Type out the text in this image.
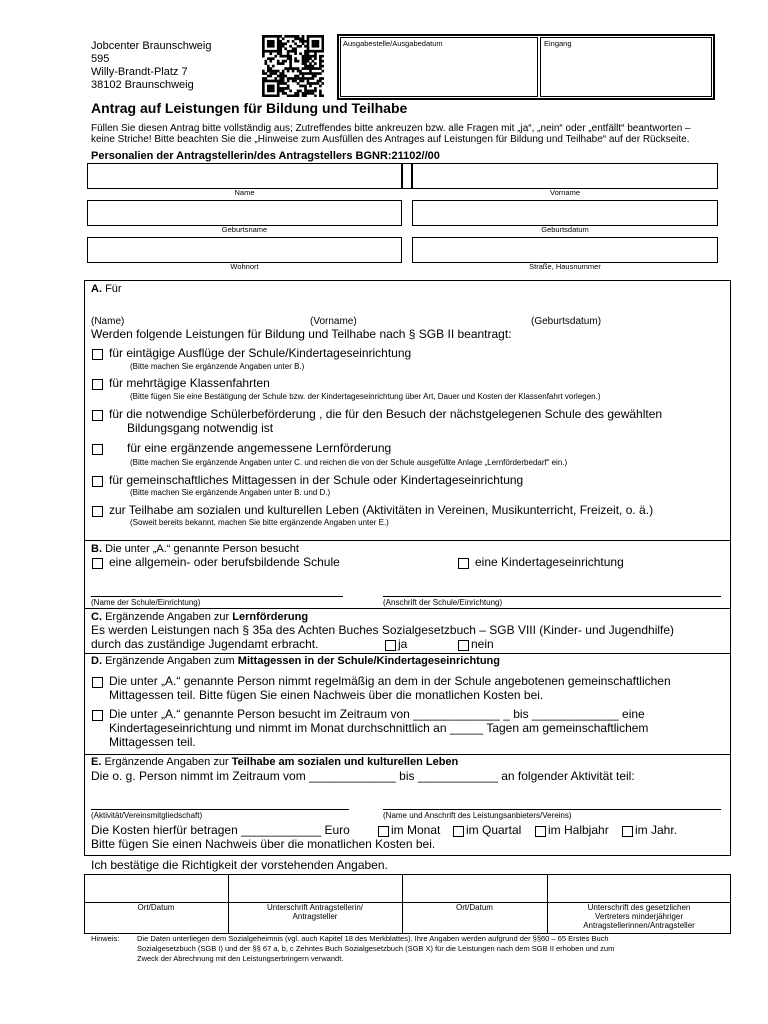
Jobcenter Braunschweig
595
Willy-Brandt-Platz 7
38102 Braunschweig
Ausgabestelle/Ausgabedatum	Eingang
Antrag auf Leistungen für Bildung und Teilhabe
Füllen Sie diesen Antrag bitte vollständig aus; Zutreffendes bitte ankreuzen bzw. alle Fragen mit „ja“, „nein“ oder „entfällt“ beantworten –
keine Striche! Bitte beachten Sie die „Hinweise zum Ausfüllen des Antrages auf Leistungen für Bildung und Teilhabe“ auf der Rückseite.
Personalien der Antragstellerin/des Antragstellers BGNR:21102//00
Name	Vorname
Geburtsname	Geburtsdatum
Wohnort	Straße, Hausnummer
A. Für
(Name)	(Vorname)	(Geburtsdatum)
Werden folgende Leistungen für Bildung und Teilhabe nach § SGB II beantragt:
für eintägige Ausflüge der Schule/Kindertageseinrichtung
(Bitte machen Sie ergänzende Angaben unter B.)
für mehrtägige Klassenfahrten
(Bitte fügen Sie eine Bestätigung der Schule bzw. der Kindertageseinrichtung über Art, Dauer und Kosten der Klassenfahrt vorlegen.)
für die notwendige Schülerbeförderung , die für den Besuch der nächstgelegenen Schule des gewählten
Bildungsgang notwendig ist
für eine ergänzende angemessene Lernförderung
(Bitte machen Sie ergänzende Angaben unter C. und reichen die von der Schule ausgefüllte Anlage „Lernförderbedarf“ ein.)
für gemeinschaftliches Mittagessen in der Schule oder Kindertageseinrichtung
(Bitte machen Sie ergänzende Angaben unter B. und D.)
zur Teilhabe am sozialen und kulturellen Leben (Aktivitäten in Vereinen, Musikunterricht, Freizeit, o. ä.)
(Soweit bereits bekannt, machen Sie bitte ergänzende Angaben unter E.)
B. Die unter „A.“ genannte Person besucht
eine allgemein- oder berufsbildende Schule	eine Kindertageseinrichtung
(Name der Schule/Einrichtung)	(Anschrift der Schule/Einrichtung)
C. Ergänzende Angaben zur Lernförderung
Es werden Leistungen nach § 35a des Achten Buches Sozialgesetzbuch – SGB VIII (Kinder- und Jugendhilfe)
durch das zuständige Jugendamt erbracht.	ja	nein
D. Ergänzende Angaben zum Mittagessen in der Schule/Kindertageseinrichtung
Die unter „A.“ genannte Person nimmt regelmäßig an dem in der Schule angebotenen gemeinschaftlichen
Mittagessen teil. Bitte fügen Sie einen Nachweis über die monatlichen Kosten bei.
Die unter „A.“ genannte Person besucht im Zeitraum von _____________ _ bis _____________ eine
Kindertageseinrichtung und nimmt im Monat durchschnittlich an _____ Tagen am gemeinschaftlichem
Mittagessen teil.
E. Ergänzende Angaben zur Teilhabe am sozialen und kulturellen Leben
Die o. g. Person nimmt im Zeitraum vom _____________ bis ____________ an folgender Aktivität teil:
(Aktivität/Vereinsmitgliedschaft)	(Name und Anschrift des Leistungsanbieters/Vereins)
Die Kosten hierfür betragen ____________ Euro	im Monat im Quartal im Halbjahr im Jahr.
Bitte fügen Sie einen Nachweis über die monatlichen Kosten bei.
Ich bestätige die Richtigkeit der vorstehenden Angaben.
Ort/Datum	Unterschrift Antragstellerin/
Antragsteller
Ort/Datum	Unterschrift des gesetzlichen
Vertreters minderjähriger
Antragstellerinnen/Antragsteller
Hinweis: Die Daten unterliegen dem Sozialgeheimnis (vgl. auch Kapitel 18 des Merkblattes). Ihre Angaben werden aufgrund der §§60 – 65 Erstes Buch
Sozialgesetzbuch (SGB I) und der §§ 67 a, b, c Zehntes Buch Sozialgesetzbuch (SGB X) für die Leistungen nach dem SGB II erhoben und zum
Zweck der Abrechnung mit den Leistungserbringern verwandt.
